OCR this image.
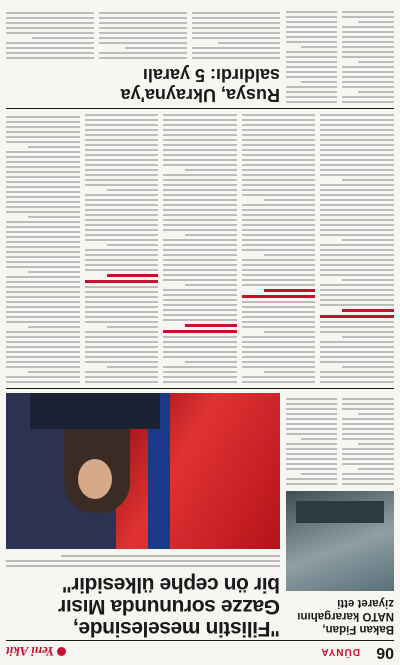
06
DÜNYA
Yeni Akit
"Filistin meselesinde,
Gazze sorununda Mısır
bir ön cephe ülkesidir"
Bakan Fidan,
NATO karargahını
ziyaret etti
Rusya, Ukrayna'ya
saldırdı: 5 yaralı
